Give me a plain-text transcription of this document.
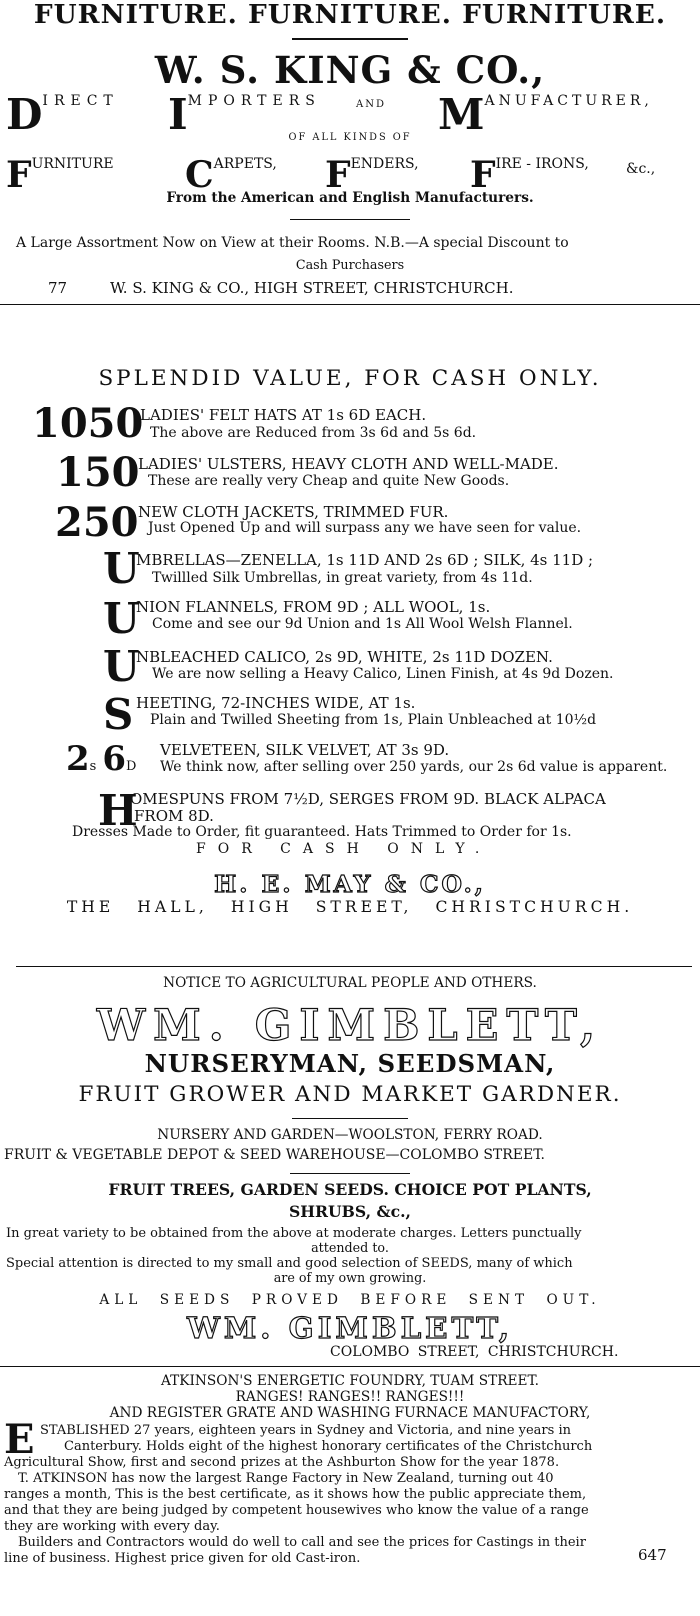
FURNITURE. FURNITURE. FURNITURE.
W. S. KING & CO.,
DIRECT IMPORTERS	AND MANUFACTURER,
OF ALL KINDS OF
FURNITURE CARPETS, FENDERS, FIRE - IRONS,	&c.,
From the American and English Manufacturers.
A Large Assortment Now on View at their Rooms. N.B.—A special Discount to
Cash Purchasers
77	W. S. KING & CO., HIGH STREET, CHRISTCHURCH.
SPLENDID VALUE, FOR CASH ONLY.
1050
LADIES' FELT HATS AT 1s 6D EACH.
The above are Reduced from 3s 6d and 5s 6d.
150
LADIES' ULSTERS, HEAVY CLOTH AND WELL-MADE.
These are really very Cheap and quite New Goods.
250 NEW CLOTH JACKETS, TRIMMED FUR.
Just Opened Up and will surpass any we have seen for value.
U
MBRELLAS—ZENELLA, 1s 11D AND 2s 6D ; SILK, 4s 11D ;
Twillled Silk Umbrellas, in great variety, from 4s 11d.
U
NION FLANNELS, FROM 9D ; ALL WOOL, 1s.
Come and see our 9d Union and 1s All Wool Welsh Flannel.
U
NBLEACHED CALICO, 2s 9D, WHITE, 2s 11D DOZEN.
We are now selling a Heavy Calico, Linen Finish, at 4s 9d Dozen.
S HEETING, 72-INCHES WIDE, AT 1s.
Plain and Twilled Sheeting from 1s, Plain Unbleached at 10½d
2s 6D
VELVETEEN, SILK VELVET, AT 3s 9D.
We think now, after selling over 250 yards, our 2s 6d value is apparent.
H
OMESPUNS FROM 7½D, SERGES FROM 9D. BLACK ALPACA
FROM 8D.
Dresses Made to Order, fit guaranteed. Hats Trimmed to Order for 1s.
FOR CASH ONLY.
H. E. MAY & CO.,
THE HALL, HIGH STREET, CHRISTCHURCH.
NOTICE TO AGRICULTURAL PEOPLE AND OTHERS.
WM. GIMBLETT,
NURSERYMAN, SEEDSMAN,
FRUIT GROWER AND MARKET GARDNER.
NURSERY AND GARDEN—WOOLSTON, FERRY ROAD.
FRUIT & VEGETABLE DEPOT & SEED WAREHOUSE—COLOMBO STREET.
FRUIT TREES, GARDEN SEEDS. CHOICE POT PLANTS,
SHRUBS, &c.,
In great variety to be obtained from the above at moderate charges. Letters punctually
attended to.
Special attention is directed to my small and good selection of SEEDS, many of which
are of my own growing.
ALL SEEDS PROVED BEFORE SENT OUT.
WM. GIMBLETT,
COLOMBO STREET, CHRISTCHURCH.
ATKINSON'S ENERGETIC FOUNDRY, TUAM STREET.
RANGES! RANGES!! RANGES!!!
AND REGISTER GRATE AND WASHING FURNACE MANUFACTORY,
E STABLISHED 27 years, eighteen years in Sydney and Victoria, and nine years in
Canterbury. Holds eight of the highest honorary certificates of the Christchurch
Agricultural Show, first and second prizes at the Ashburton Show for the year 1878.
T. ATKINSON has now the largest Range Factory in New Zealand, turning out 40
ranges a month, This is the best certificate, as it shows how the public appreciate them,
and that they are being judged by competent housewives who know the value of a range
they are working with every day.
Builders and Contractors would do well to call and see the prices for Castings in their
line of business. Highest price given for old Cast-iron.	647
